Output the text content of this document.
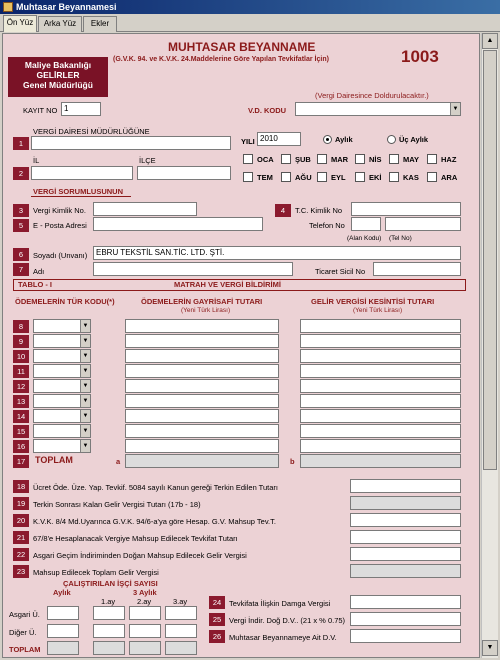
Muhtasar Beyannamesi
Ön Yüz	Arka Yüz	Ekler
MUHTASAR BEYANNAME
(G.V.K. 94. ve K.V.K. 24.Maddelerine Göre Yapılan Tevkifatlar İçin)	1003
Maliye Bakanlığı
GELİRLER
Genel Müdürlüğü
(Vergi Dairesince Doldurulacaktır.)
KAYIT NO 1	V.D. KODU	▼
1
VERGİ DAİRESİ MÜDÜRLÜĞÜNE
2
İL	İLÇE
YILI 2010	Aylık	Üç Aylık
OCA	ŞUB	MAR	NİS	MAY	HAZ
TEM	AĞU	EYL	EKİ	KAS	ARA
VERGİ SORUMLUSUNUN
3	Vergi Kimlik No.	4	T.C. Kimlik No
5	E - Posta Adresi	Telefon No
(Alan Kodu) (Tel No)
6	Soyadı (Unvanı)	EBRU TEKSTİL SAN.TİC. LTD. ŞTİ.
7	Adı	Ticaret Sicil No
TABLO - I	MATRAH VE VERGİ BİLDİRİMİ
ÖDEMELERİN TÜR KODU(*)	ÖDEMELERİN GAYRİSAFİ TUTARI
(Yeni Türk Lirası)
GELİR VERGİSİ KESİNTİSİ TUTARI
(Yeni Türk Lirası)
8	▼
9	▼
10	▼
11	▼
12	▼
13	▼
14	▼
15	▼
16	▼
17	TOPLAM	a	b
18	Ücret Öde. Üze. Yap. Tevkif. 5084 sayılı Kanun gereği Terkin Edilen Tutarı
19	Terkin Sonrası Kalan Gelir Vergisi Tutarı (17b - 18)
20	K.V.K. 8/4 Md.Uyarınca G.V.K. 94/6-a'ya göre Hesap. G.V. Mahsup Tev.T.
21	67/8'e Hesaplanacak Vergiye Mahsup Edilecek Tevkifat Tutarı
22	Asgari Geçim İndiriminden Doğan Mahsup Edilecek Gelir Vergisi
23	Mahsup Edilecek Toplam Gelir Vergisi
ÇALIŞTIRILAN İŞÇİ SAYISI
Aylık	3 Aylık
1.ay	2.ay	3.ay
Asgari Ü.
Diğer Ü.
TOPLAM
24	Tevkifata İlişkin Damga Vergisi
25	Vergi İndir. Doğ D.V.. (21 x % 0.75)
26	Muhtasar Beyannameye Ait D.V.
▲
▼
